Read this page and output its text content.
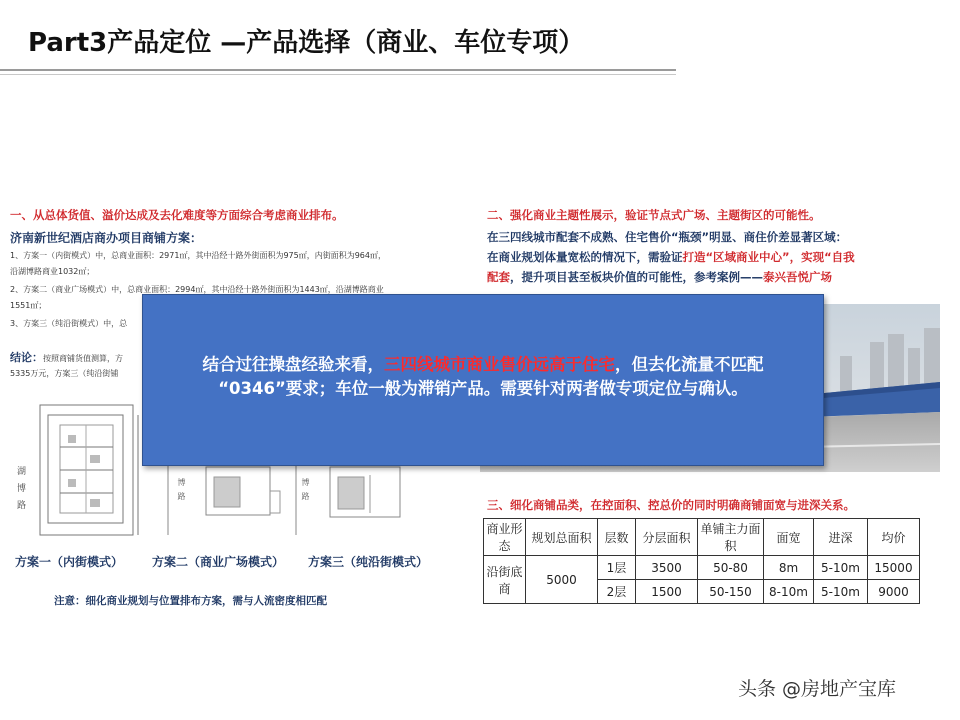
Part3产品定位 —产品选择（商业、车位专项）
一、从总体货值、溢价达成及去化难度等方面综合考虑商业排布。
济南新世纪酒店商办项目商铺方案：
1、方案一（内街模式）中，总商业面积：2971㎡，其中沿经十路外街面积为975㎡，内街面积为964㎡，
沿湖博路商业1032㎡；
2、方案二（商业广场模式）中，总商业面积：2994㎡，其中沿经十路外街面积为1443㎡，沿湖博路商业
1551㎡；
3、方案三（纯沿街模式）中，总
结论：按照商铺货值测算，方
5335万元，方案三（纯沿街铺
湖博路	博路	博路
方案一（内街模式） 方案二（商业广场模式） 方案三（纯沿街模式）
注意：细化商业规划与位置排布方案，需与人流密度相匹配
二、强化商业主题性展示，验证节点式广场、主题街区的可能性。
在三四线城市配套不成熟、住宅售价“瓶颈”明显、商住价差显著区域：
在商业规划体量宽松的情况下，需验证打造“区域商业中心”，实现“自我
配套，提升项目甚至板块价值的可能性，参考案例——泰兴吾悦广场
三、细化商铺品类，在控面积、控总价的同时明确商铺面宽与进深关系。
商业形态	规划总面积	层数	分层面积	单铺主力面积	面宽	进深	均价
沿街底商	5000	1层	3500	50-80	8m	5-10m	15000
		2层	1500	50-150	8-10m	5-10m	9000
结合过往操盘经验来看，三四线城市商业售价远高于住宅，但去化流量不匹配
“0346”要求；车位一般为滞销产品。需要针对两者做专项定位与确认。
头条 @房地产宝库
